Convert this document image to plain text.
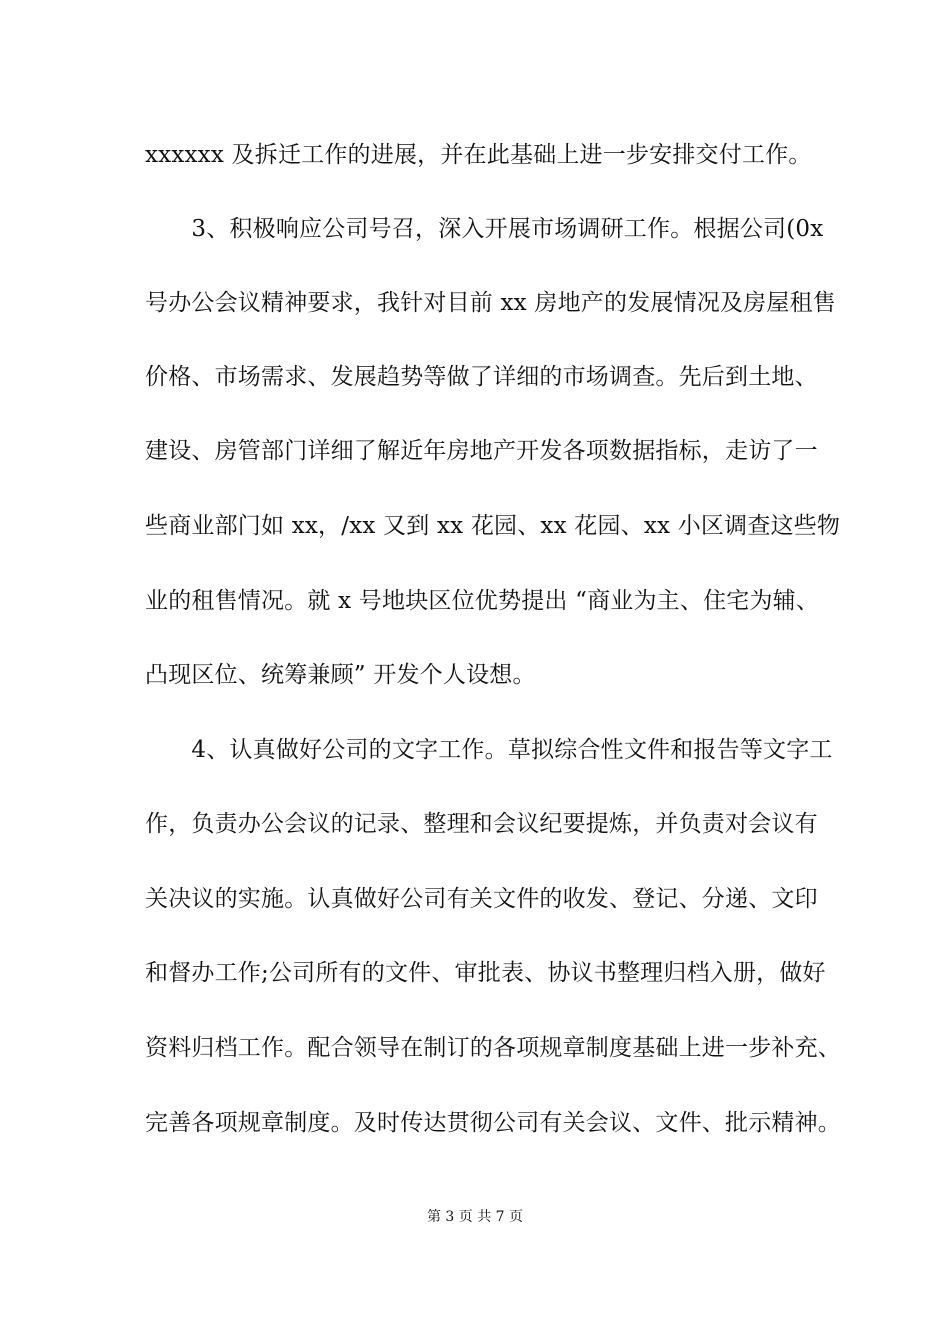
xxxxxx 及拆迁工作的进展，并在此基础上进一步安排交付工作。
　　3、积极响应公司号召，深入开展市场调研工作。根据公司(0x
号办公会议精神要求，我针对目前 xx 房地产的发展情况及房屋租售
价格、市场需求、发展趋势等做了详细的市场调查。先后到土地、
建设、房管部门详细了解近年房地产开发各项数据指标，走访了一
些商业部门如 xx，/xx 又到 xx 花园、xx 花园、xx 小区调查这些物
业的租售情况。就 x 号地块区位优势提出 “商业为主、住宅为辅、
凸现区位、统筹兼顾” 开发个人设想。
　　4、认真做好公司的文字工作。草拟综合性文件和报告等文字工
作，负责办公会议的记录、整理和会议纪要提炼，并负责对会议有
关决议的实施。认真做好公司有关文件的收发、登记、分递、文印
和督办工作;公司所有的文件、审批表、协议书整理归档入册，做好
资料归档工作。配合领导在制订的各项规章制度基础上进一步补充、
完善各项规章制度。及时传达贯彻公司有关会议、文件、批示精神。
第 3 页 共 7 页
